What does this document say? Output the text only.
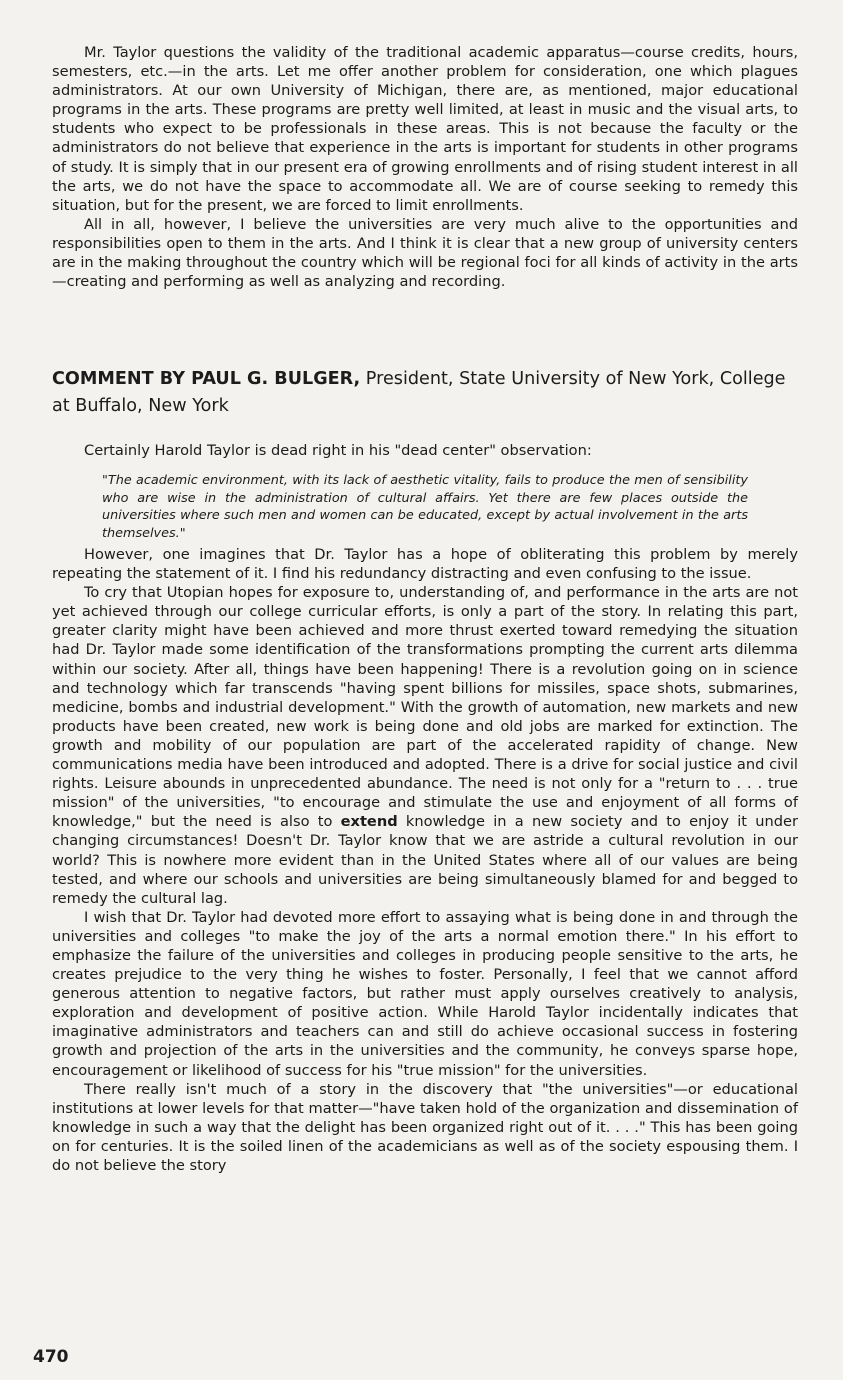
Mr. Taylor questions the validity of the traditional academic apparatus—course credits, hours, semesters, etc.—in the arts. Let me offer another problem for consideration, one which plagues administrators. At our own University of Michigan, there are, as mentioned, major educational programs in the arts. These programs are pretty well limited, at least in music and the visual arts, to students who expect to be professionals in these areas. This is not because the faculty or the administrators do not believe that experience in the arts is important for students in other programs of study. It is simply that in our present era of growing enrollments and of rising student interest in all the arts, we do not have the space to accommodate all. We are of course seeking to remedy this situation, but for the present, we are forced to limit enrollments.

All in all, however, I believe the universities are very much alive to the opportunities and responsibilities open to them in the arts. And I think it is clear that a new group of university centers are in the making throughout the country which will be regional foci for all kinds of activity in the arts—creating and performing as well as analyzing and recording.

COMMENT BY PAUL G. BULGER, President, State University of New York, College at Buffalo, New York

Certainly Harold Taylor is dead right in his "dead center" observation:

"The academic environment, with its lack of aesthetic vitality, fails to produce the men of sensibility who are wise in the administration of cultural affairs. Yet there are few places outside the universities where such men and women can be educated, except by actual involvement in the arts themselves."

However, one imagines that Dr. Taylor has a hope of obliterating this problem by merely repeating the statement of it. I find his redundancy distracting and even confusing to the issue.

To cry that Utopian hopes for exposure to, understanding of, and performance in the arts are not yet achieved through our college curricular efforts, is only a part of the story. In relating this part, greater clarity might have been achieved and more thrust exerted toward remedying the situation had Dr. Taylor made some identification of the transformations prompting the current arts dilemma within our society. After all, things have been happening! There is a revolution going on in science and technology which far transcends "having spent billions for missiles, space shots, submarines, medicine, bombs and industrial development." With the growth of automation, new markets and new products have been created, new work is being done and old jobs are marked for extinction. The growth and mobility of our population are part of the accelerated rapidity of change. New communications media have been introduced and adopted. There is a drive for social justice and civil rights. Leisure abounds in unprecedented abundance. The need is not only for a "return to . . . true mission" of the universities, "to encourage and stimulate the use and enjoyment of all forms of knowledge," but the need is also to extend knowledge in a new society and to enjoy it under changing circumstances! Doesn't Dr. Taylor know that we are astride a cultural revolution in our world? This is nowhere more evident than in the United States where all of our values are being tested, and where our schools and universities are being simultaneously blamed for and begged to remedy the cultural lag.

I wish that Dr. Taylor had devoted more effort to assaying what is being done in and through the universities and colleges "to make the joy of the arts a normal emotion there." In his effort to emphasize the failure of the universities and colleges in producing people sensitive to the arts, he creates prejudice to the very thing he wishes to foster. Personally, I feel that we cannot afford generous attention to negative factors, but rather must apply ourselves creatively to analysis, exploration and development of positive action. While Harold Taylor incidentally indicates that imaginative administrators and teachers can and still do achieve occasional success in fostering growth and projection of the arts in the universities and the community, he conveys sparse hope, encouragement or likelihood of success for his "true mission" for the universities.

There really isn't much of a story in the discovery that "the universities"—or educational institutions at lower levels for that matter—"have taken hold of the organization and dissemination of knowledge in such a way that the delight has been organized right out of it. . . ." This has been going on for centuries. It is the soiled linen of the academicians as well as of the society espousing them. I do not believe the story

470
